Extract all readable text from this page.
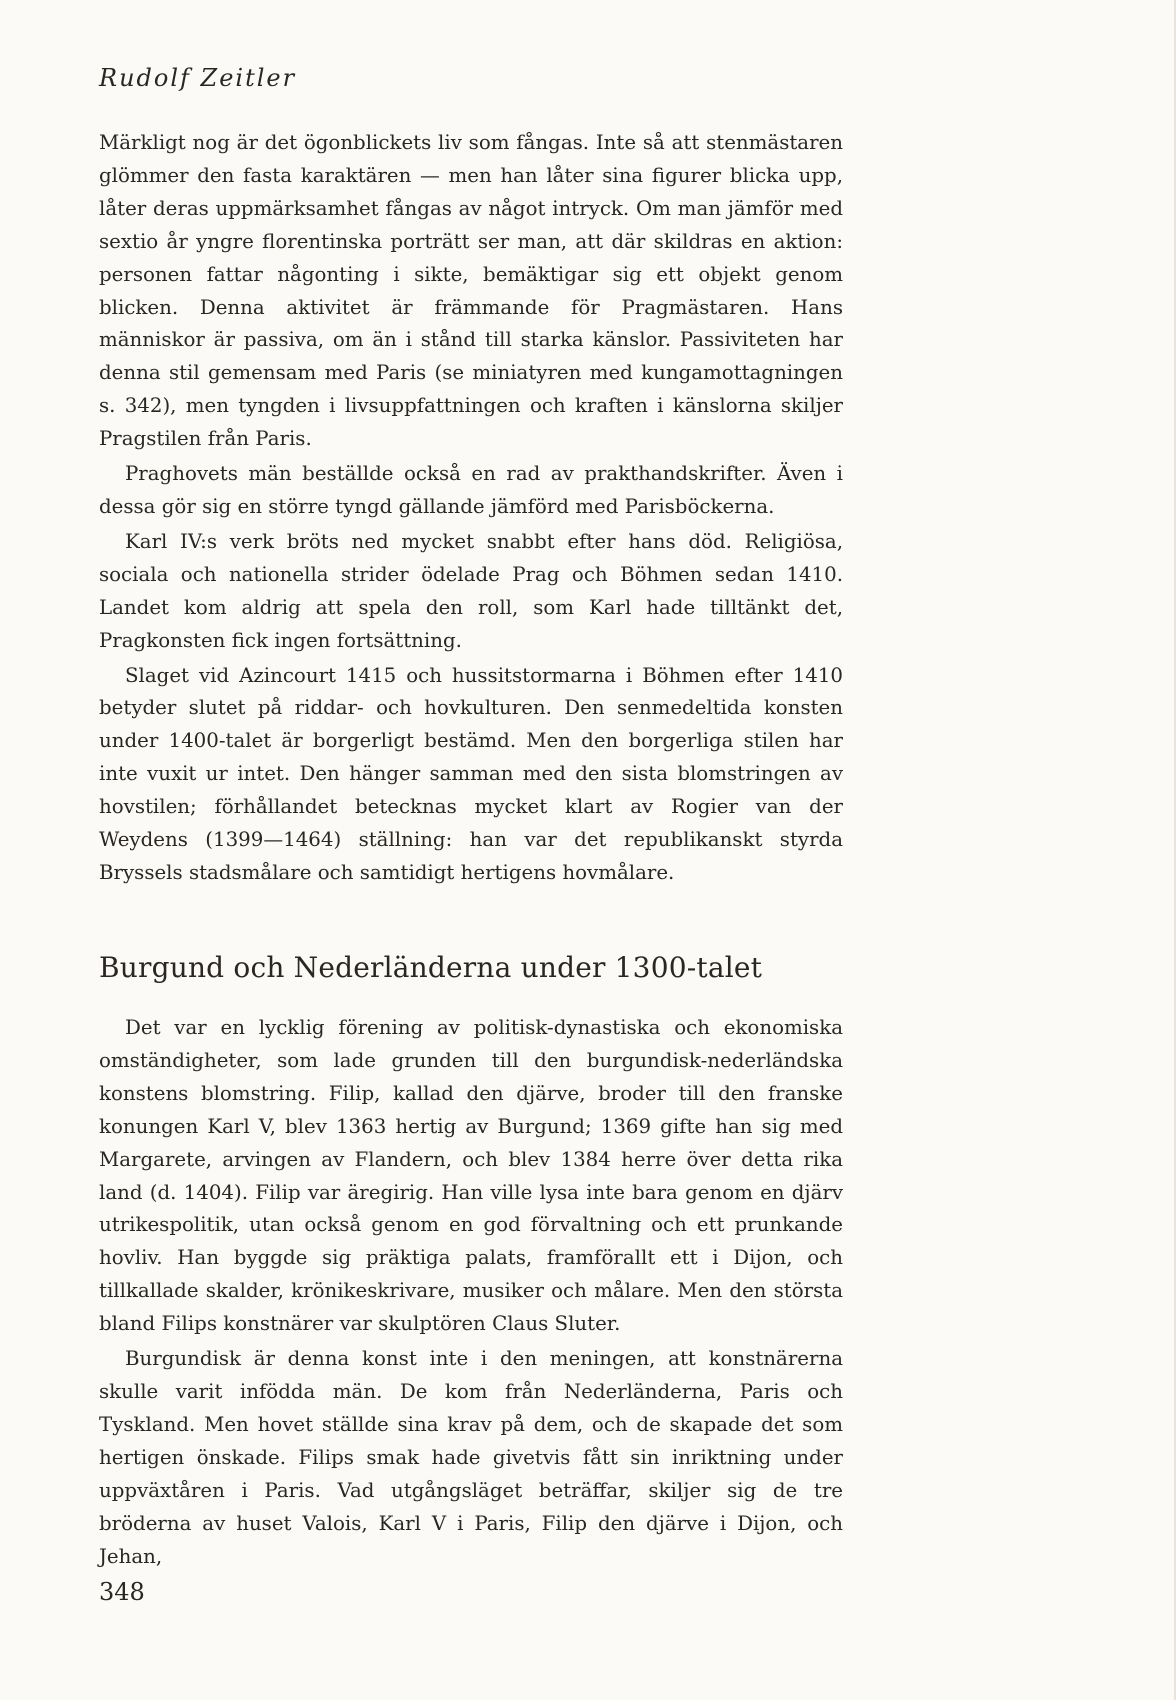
Rudolf Zeitler

Märkligt nog är det ögonblickets liv som fångas. Inte så att stenmästaren glömmer den fasta karaktären — men han låter sina figurer blicka upp, låter deras uppmärksamhet fångas av något intryck. Om man jämför med sextio år yngre florentinska porträtt ser man, att där skildras en aktion: personen fattar någonting i sikte, bemäktigar sig ett objekt genom blicken. Denna aktivitet är främmande för Pragmästaren. Hans människor är passiva, om än i stånd till starka känslor. Passiviteten har denna stil gemensam med Paris (se miniatyren med kungamottagningen s. 342), men tyngden i livsuppfattningen och kraften i känslorna skiljer Pragstilen från Paris.

Praghovets män beställde också en rad av prakthandskrifter. Även i dessa gör sig en större tyngd gällande jämförd med Parisböckerna.

Karl IV:s verk bröts ned mycket snabbt efter hans död. Religiösa, sociala och nationella strider ödelade Prag och Böhmen sedan 1410. Landet kom aldrig att spela den roll, som Karl hade tilltänkt det, Pragkonsten fick ingen fortsättning.

Slaget vid Azincourt 1415 och hussitstormarna i Böhmen efter 1410 betyder slutet på riddar- och hovkulturen. Den senmedeltida konsten under 1400-talet är borgerligt bestämd. Men den borgerliga stilen har inte vuxit ur intet. Den hänger samman med den sista blomstringen av hovstilen; förhållandet betecknas mycket klart av Rogier van der Weydens (1399—1464) ställning: han var det republikanskt styrda Bryssels stadsmålare och samtidigt hertigens hovmålare.

Burgund och Nederländerna under 1300-talet

Det var en lycklig förening av politisk-dynastiska och ekonomiska omständigheter, som lade grunden till den burgundisk-nederländska konstens blomstring. Filip, kallad den djärve, broder till den franske konungen Karl V, blev 1363 hertig av Burgund; 1369 gifte han sig med Margarete, arvingen av Flandern, och blev 1384 herre över detta rika land (d. 1404). Filip var äregirig. Han ville lysa inte bara genom en djärv utrikespolitik, utan också genom en god förvaltning och ett prunkande hovliv. Han byggde sig präktiga palats, framförallt ett i Dijon, och tillkallade skalder, krönikeskrivare, musiker och målare. Men den största bland Filips konstnärer var skulptören Claus Sluter.

Burgundisk är denna konst inte i den meningen, att konstnärerna skulle varit infödda män. De kom från Nederländerna, Paris och Tyskland. Men hovet ställde sina krav på dem, och de skapade det som hertigen önskade. Filips smak hade givetvis fått sin inriktning under uppväxtåren i Paris. Vad utgångsläget beträffar, skiljer sig de tre bröderna av huset Valois, Karl V i Paris, Filip den djärve i Dijon, och Jehan,

348
